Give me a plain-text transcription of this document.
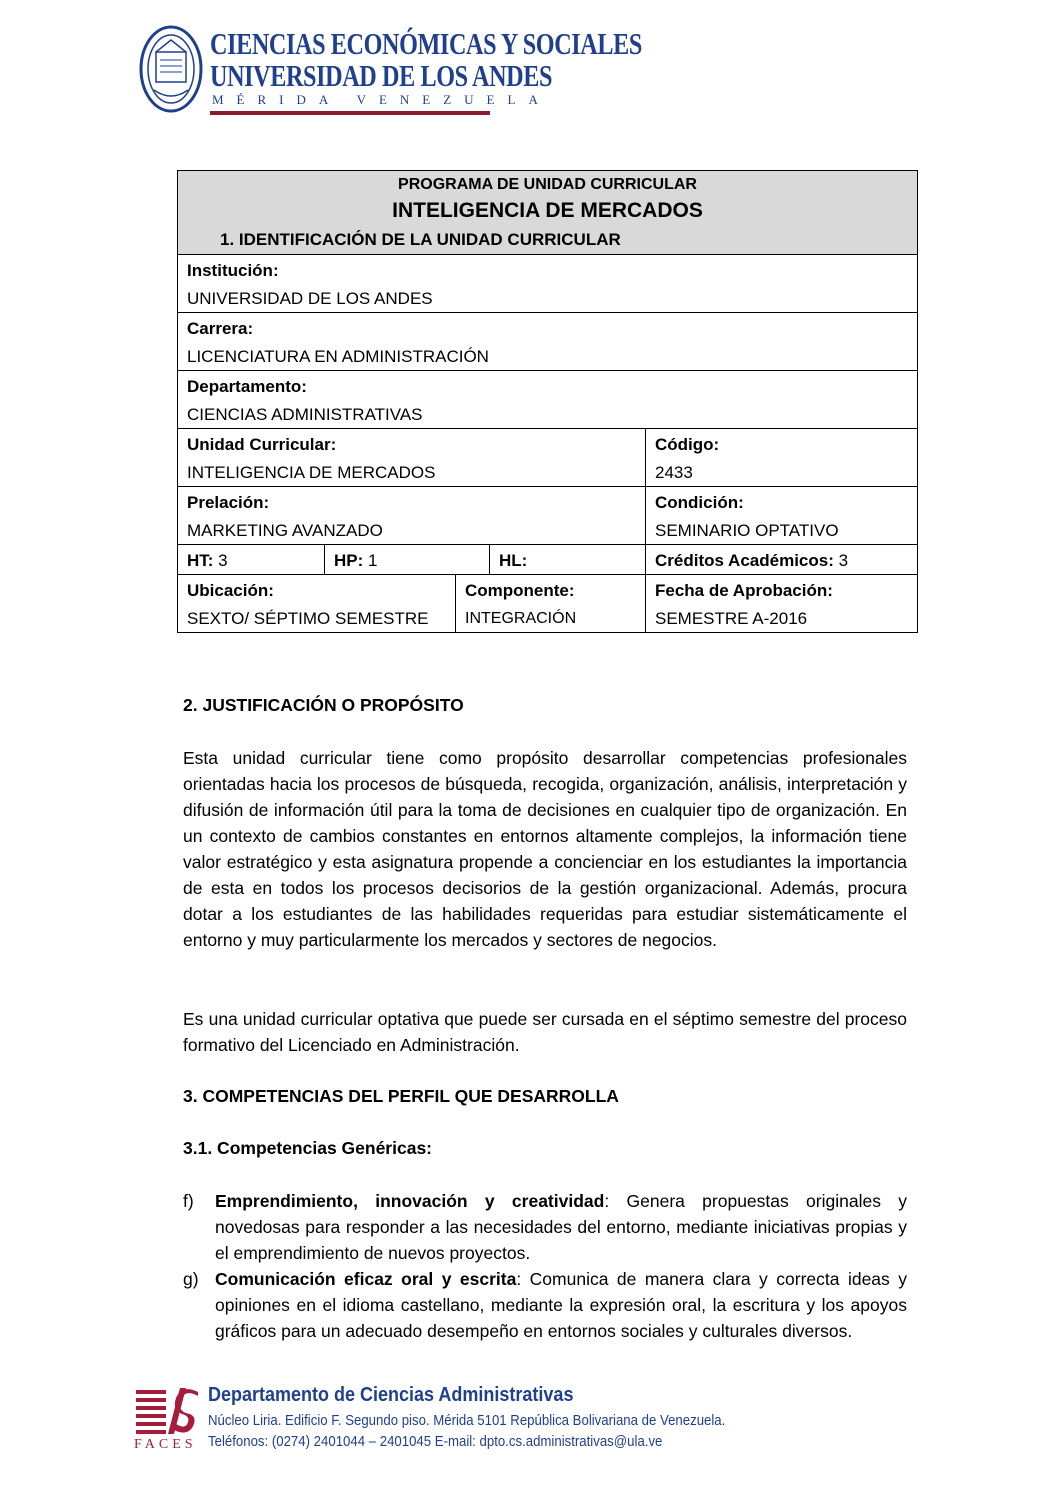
CIENCIAS ECONÓMICAS Y SOCIALES
UNIVERSIDAD DE LOS ANDES
MÉRIDA VENEZUELA
PROGRAMA DE UNIDAD CURRICULAR
INTELIGENCIA DE MERCADOS
1. IDENTIFICACIÓN DE LA UNIDAD CURRICULAR
Institución:
UNIVERSIDAD DE LOS ANDES
Carrera:
LICENCIATURA EN ADMINISTRACIÓN
Departamento:
CIENCIAS ADMINISTRATIVAS
Unidad Curricular:
INTELIGENCIA DE MERCADOS
Código:
2433
Prelación:
MARKETING AVANZADO
Condición:
SEMINARIO OPTATIVO
HT: 3	HP: 1	HL:	Créditos Académicos: 3
Ubicación:
SEXTO/ SÉPTIMO SEMESTRE
Componente:
INTEGRACIÓN
Fecha de Aprobación:
SEMESTRE A-2016
2. JUSTIFICACIÓN O PROPÓSITO
Esta unidad curricular tiene como propósito desarrollar competencias profesionales orientadas hacia los procesos de búsqueda, recogida, organización, análisis, interpretación y difusión de información útil para la toma de decisiones en cualquier tipo de organización. En un contexto de cambios constantes en entornos altamente complejos, la información tiene valor estratégico y esta asignatura propende a concienciar en los estudiantes la importancia de esta en todos los procesos decisorios de la gestión organizacional. Además, procura dotar a los estudiantes de las habilidades requeridas para estudiar sistemáticamente el entorno y muy particularmente los mercados y sectores de negocios.
Es una unidad curricular optativa que puede ser cursada en el séptimo semestre del proceso formativo del Licenciado en Administración.
3. COMPETENCIAS DEL PERFIL QUE DESARROLLA
3.1. Competencias Genéricas:
f)	Emprendimiento, innovación y creatividad: Genera propuestas originales y novedosas para responder a las necesidades del entorno, mediante iniciativas propias y el emprendimiento de nuevos proyectos.
g) Comunicación eficaz oral y escrita: Comunica de manera clara y correcta ideas y opiniones en el idioma castellano, mediante la expresión oral, la escritura y los apoyos gráficos para un adecuado desempeño en entornos sociales y culturales diversos.
FACES
Departamento de Ciencias Administrativas
Núcleo Liria. Edificio F. Segundo piso. Mérida 5101 República Bolivariana de Venezuela.
Teléfonos: (0274) 2401044 – 2401045 E-mail: dpto.cs.administrativas@ula.ve
